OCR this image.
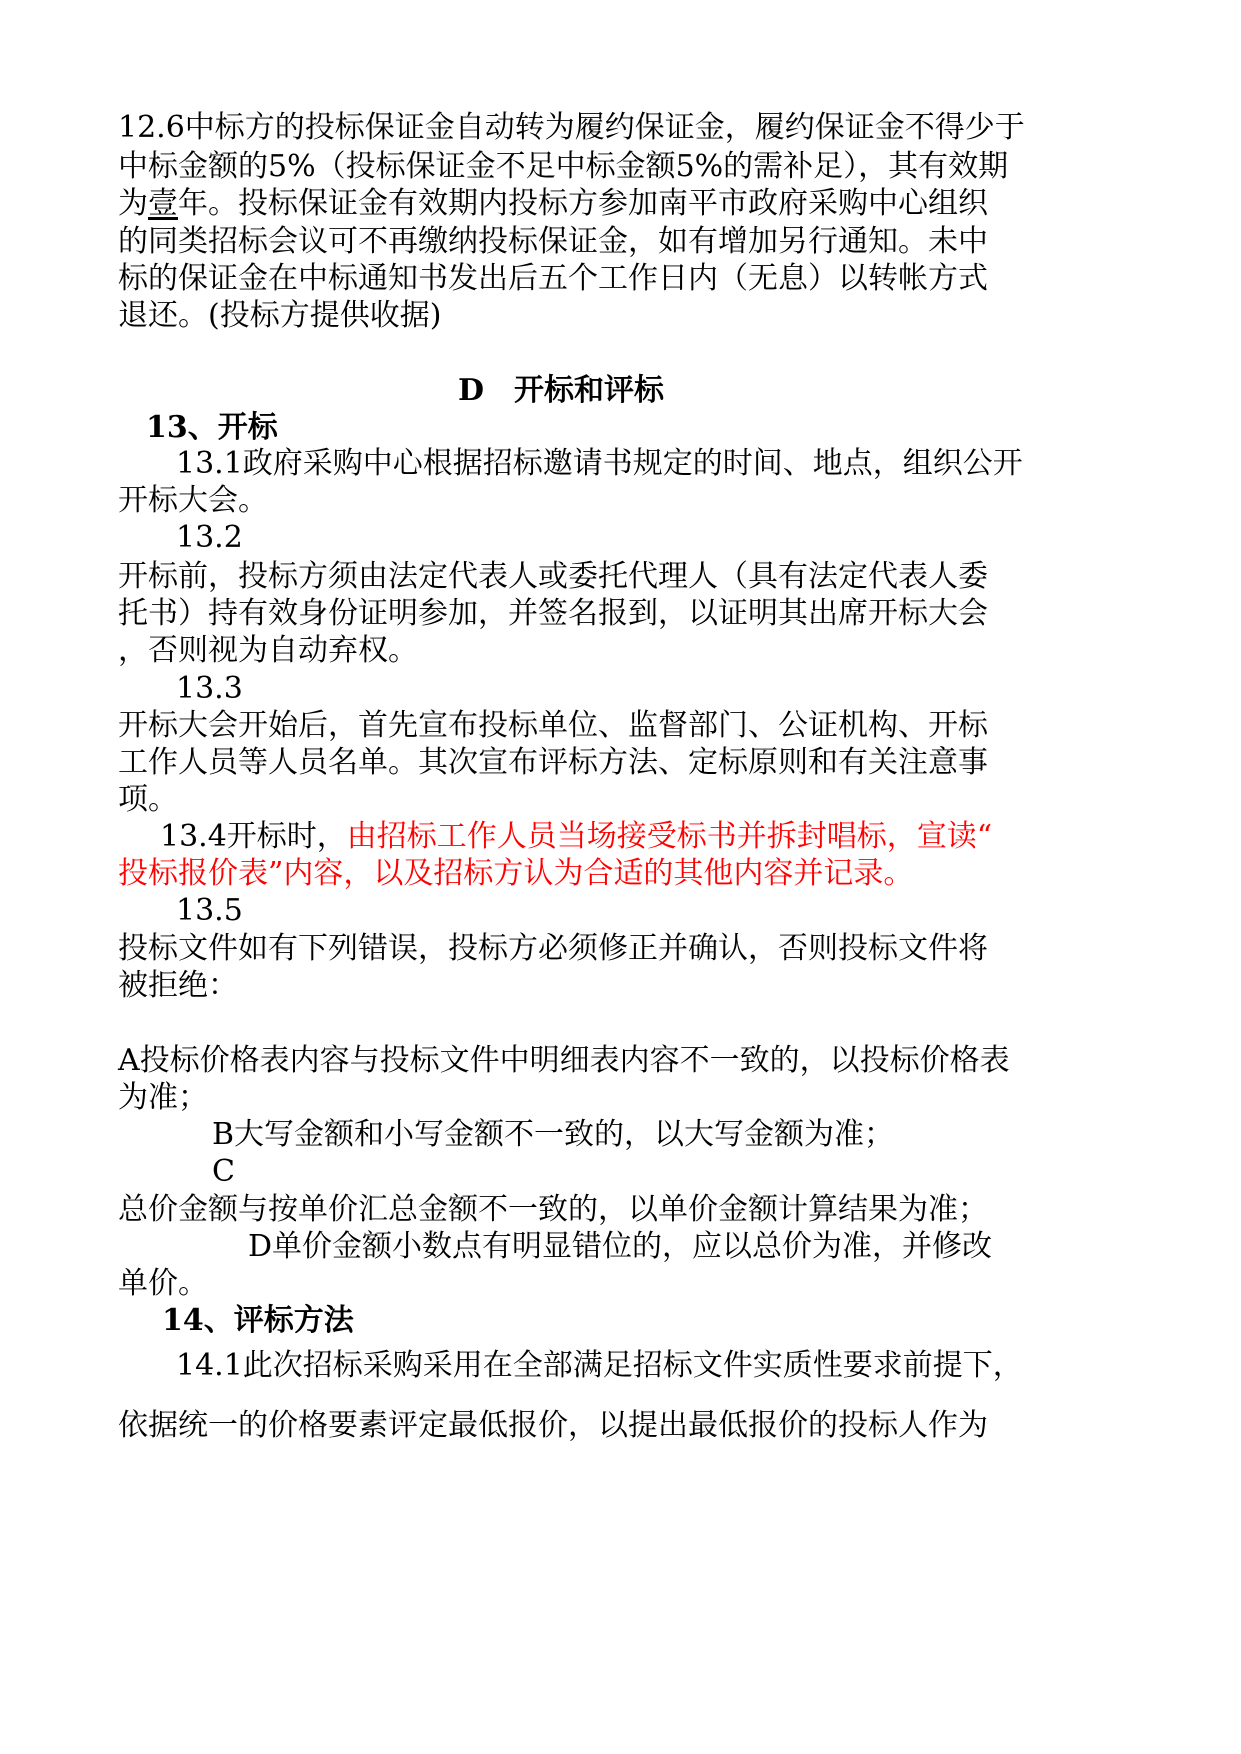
12.6中标方的投标保证金自动转为履约保证金，履约保证金不得少于

中标金额的5%（投标保证金不足中标金额5%的需补足），其有效期

为壹年。投标保证金有效期内投标方参加南平市政府采购中心组织

的同类招标会议可不再缴纳投标保证金，如有增加另行通知。未中

标的保证金在中标通知书发出后五个工作日内（无息）以转帐方式

退还。(投标方提供收据)

D　开标和评标

13、开标

13.1政府采购中心根据招标邀请书规定的时间、地点，组织公开

开标大会。

13.2

开标前，投标方须由法定代表人或委托代理人（具有法定代表人委

托书）持有效身份证明参加，并签名报到，以证明其出席开标大会

，否则视为自动弃权。

13.3

开标大会开始后，首先宣布投标单位、监督部门、公证机构、开标

工作人员等人员名单。其次宣布评标方法、定标原则和有关注意事

项。

13.4开标时，由招标工作人员当场接受标书并拆封唱标，宣读“

投标报价表”内容，以及招标方认为合适的其他内容并记录。

13.5

投标文件如有下列错误，投标方必须修正并确认，否则投标文件将

被拒绝：

A投标价格表内容与投标文件中明细表内容不一致的，以投标价格表

为准；

B大写金额和小写金额不一致的，以大写金额为准；

C

总价金额与按单价汇总金额不一致的，以单价金额计算结果为准；

D单价金额小数点有明显错位的，应以总价为准，并修改

单价。

14、评标方法

14.1此次招标采购采用在全部满足招标文件实质性要求前提下，

依据统一的价格要素评定最低报价，以提出最低报价的投标人作为
